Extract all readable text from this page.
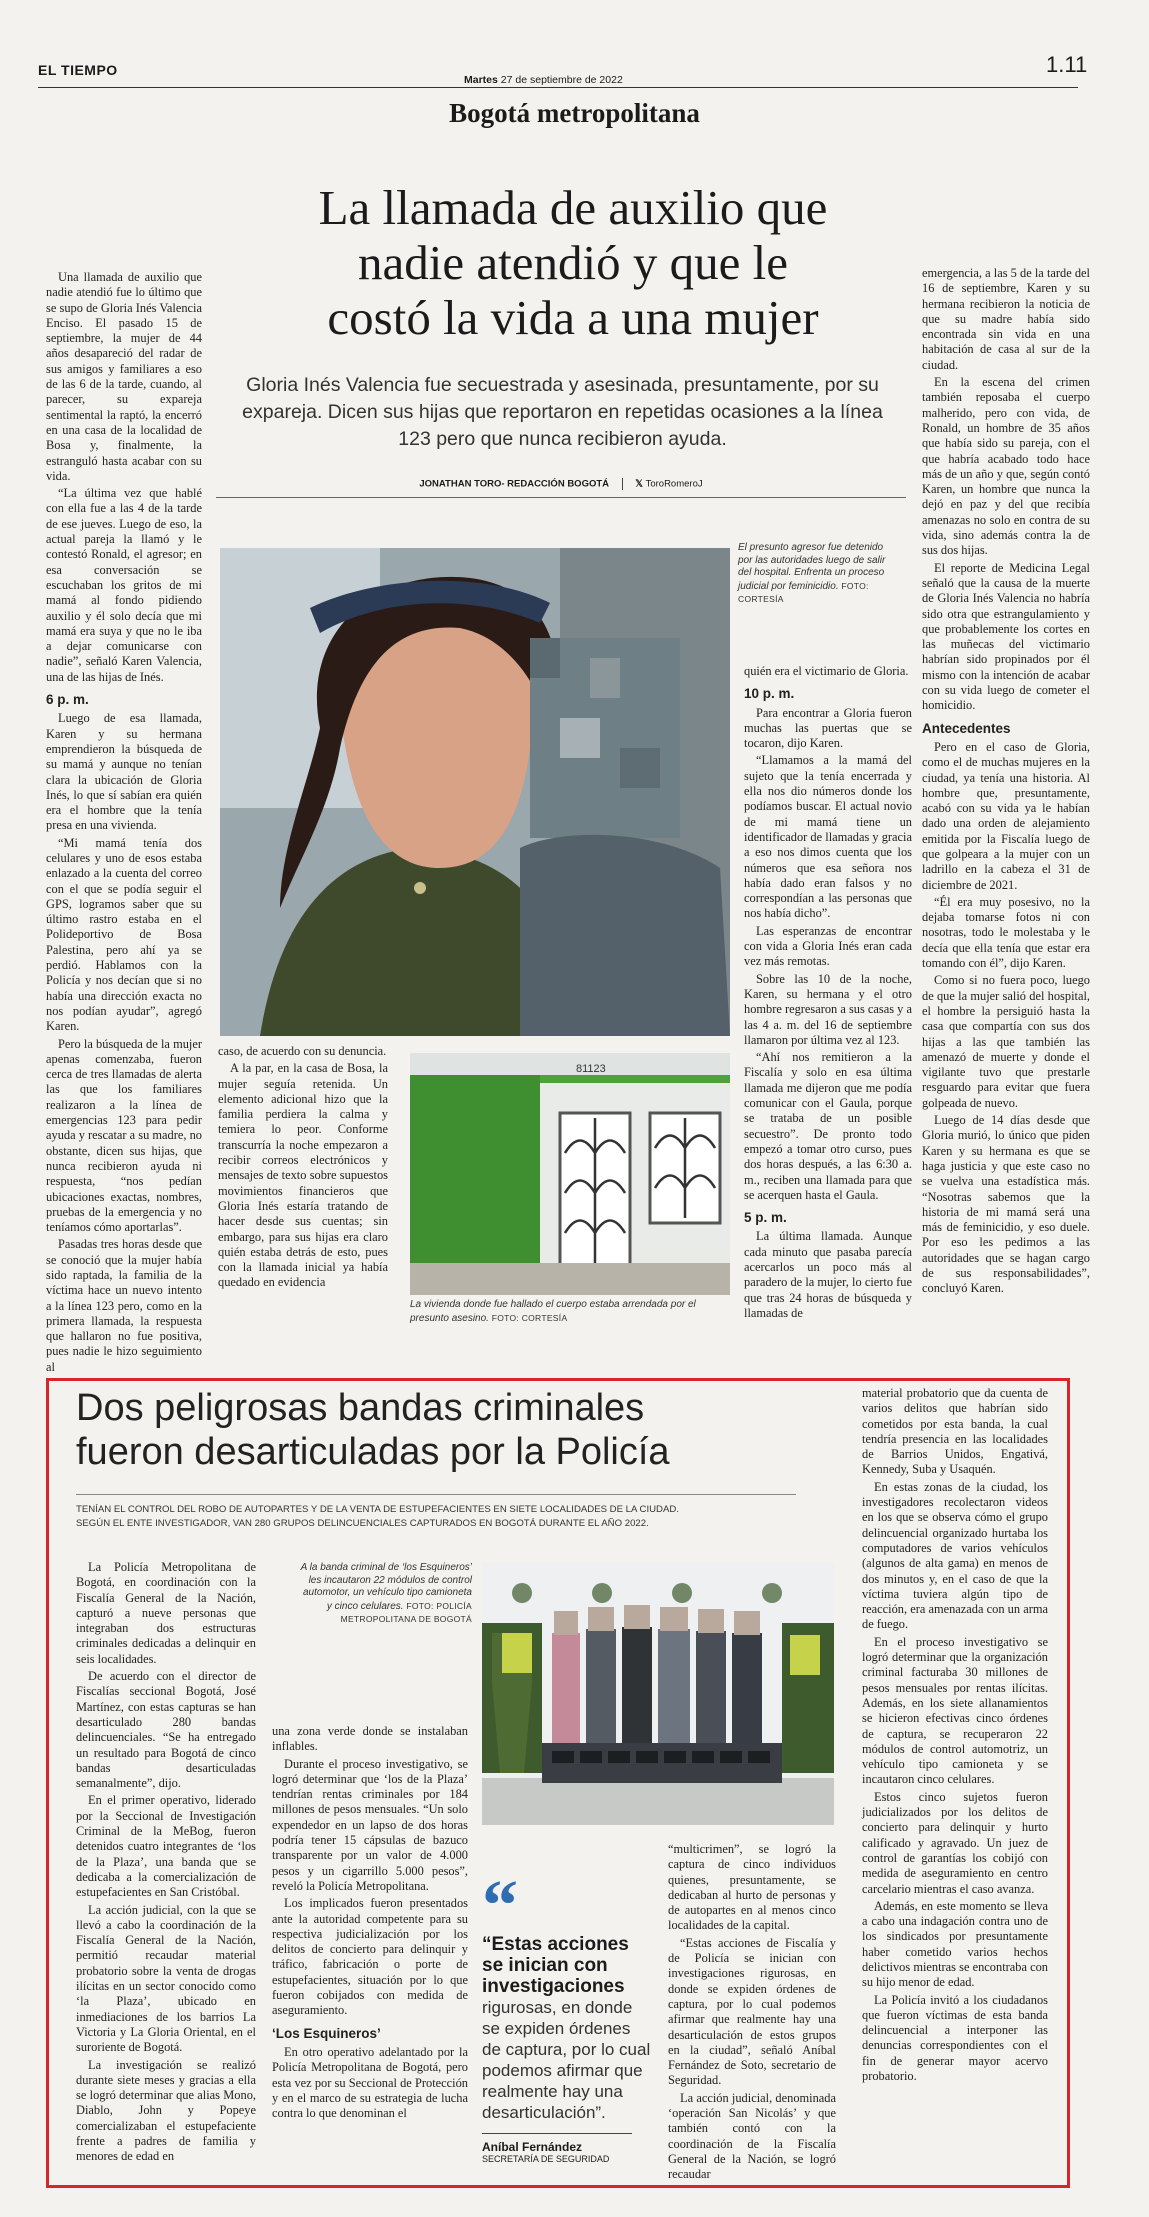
EL TIEMPO
Martes 27 de septiembre de 2022
1.11
Bogotá metropolitana
La llamada de auxilio que
nadie atendió y que le
costó la vida a una mujer
Gloria Inés Valencia fue secuestrada y asesinada, presuntamente, por su expareja. Dicen sus hijas que reportaron en repetidas ocasiones a la línea 123 pero que nunca recibieron ayuda.
JONATHAN TORO- REDACCIÓN BOGOTÁ	𝕏 ToroRomeroJ

Una llamada de auxilio que nadie atendió fue lo último que se supo de Gloria Inés Valencia Enciso. El pasado 15 de septiembre, la mujer de 44 años desapareció del radar de sus amigos y familiares a eso de las 6 de la tarde, cuando, al parecer, su expareja sentimental la raptó, la encerró en una casa de la localidad de Bosa y, finalmente, la estranguló hasta acabar con su vida.

“La última vez que hablé con ella fue a las 4 de la tarde de ese jueves. Luego de eso, la actual pareja la llamó y le contestó Ronald, el agresor; en esa conversación se escuchaban los gritos de mi mamá al fondo pidiendo auxilio y él solo decía que mi mamá era suya y que no le iba a dejar comunicarse con nadie”, señaló Karen Valencia, una de las hijas de Inés.

6 p. m.

Luego de esa llamada, Karen y su hermana emprendieron la búsqueda de su mamá y aunque no tenían clara la ubicación de Gloria Inés, lo que sí sabían era quién era el hombre que la tenía presa en una vivienda.

“Mi mamá tenía dos celulares y uno de esos estaba enlazado a la cuenta del correo con el que se podía seguir el GPS, logramos saber que su último rastro estaba en el Polideportivo de Bosa Palestina, pero ahí ya se perdió. Hablamos con la Policía y nos decían que si no había una dirección exacta no nos podían ayudar”, agregó Karen.

Pero la búsqueda de la mujer apenas comenzaba, fueron cerca de tres llamadas de alerta las que los familiares realizaron a la línea de emergencias 123 para pedir ayuda y rescatar a su madre, no obstante, dicen sus hijas, que nunca recibieron ayuda ni respuesta, “nos pedían ubicaciones exactas, nombres, pruebas de la emergencia y no teníamos cómo aportarlas”.

Pasadas tres horas desde que se conoció que la mujer había sido raptada, la familia de la víctima hace un nuevo intento a la línea 123 pero, como en la primera llamada, la respuesta que hallaron no fue positiva, pues nadie le hizo seguimiento al

El presunto agresor fue detenido por las autoridades luego de salir del hospital. Enfrenta un proceso judicial por feminicidio. FOTO: CORTESÍA

caso, de acuerdo con su denuncia.

A la par, en la casa de Bosa, la mujer seguía retenida. Un elemento adicional hizo que la familia perdiera la calma y temiera lo peor. Conforme transcurría la noche empezaron a recibir correos electrónicos y mensajes de texto sobre supuestos movimientos financieros que Gloria Inés estaría tratando de hacer desde sus cuentas; sin embargo, para sus hijas era claro quién estaba detrás de esto, pues con la llamada inicial ya había quedado en evidencia

81123
La vivienda donde fue hallado el cuerpo estaba arrendada por el presunto asesino. FOTO: CORTESÍA

quién era el victimario de Gloria.

10 p. m.

Para encontrar a Gloria fueron muchas las puertas que se tocaron, dijo Karen.

“Llamamos a la mamá del sujeto que la tenía encerrada y ella nos dio números donde los podíamos buscar. El actual novio de mi mamá tiene un identificador de llamadas y gracia a eso nos dimos cuenta que los números que esa señora nos había dado eran falsos y no correspondían a las personas que nos había dicho”.

Las esperanzas de encontrar con vida a Gloria Inés eran cada vez más remotas.

Sobre las 10 de la noche, Karen, su hermana y el otro hombre regresaron a sus casas y a las 4 a. m. del 16 de septiembre llamaron por última vez al 123.

“Ahí nos remitieron a la Fiscalía y solo en esa última llamada me dijeron que me podía comunicar con el Gaula, porque se trataba de un posible secuestro”. De pronto todo empezó a tomar otro curso, pues dos horas después, a las 6:30 a. m., reciben una llamada para que se acerquen hasta el Gaula.

5 p. m.

La última llamada. Aunque cada minuto que pasaba parecía acercarlos un poco más al paradero de la mujer, lo cierto fue que tras 24 horas de búsqueda y llamadas de

emergencia, a las 5 de la tarde del 16 de septiembre, Karen y su hermana recibieron la noticia de que su madre había sido encontrada sin vida en una habitación de casa al sur de la ciudad.

En la escena del crimen también reposaba el cuerpo malherido, pero con vida, de Ronald, un hombre de 35 años que había sido su pareja, con el que habría acabado todo hace más de un año y que, según contó Karen, un hombre que nunca la dejó en paz y del que recibía amenazas no solo en contra de su vida, sino además contra la de sus dos hijas.

El reporte de Medicina Legal señaló que la causa de la muerte de Gloria Inés Valencia no habría sido otra que estrangulamiento y que probablemente los cortes en las muñecas del victimario habrían sido propinados por él mismo con la intención de acabar con su vida luego de cometer el homicidio.

Antecedentes

Pero en el caso de Gloria, como el de muchas mujeres en la ciudad, ya tenía una historia. Al hombre que, presuntamente, acabó con su vida ya le habían dado una orden de alejamiento emitida por la Fiscalía luego de que golpeara a la mujer con un ladrillo en la cabeza el 31 de diciembre de 2021.

“Él era muy posesivo, no la dejaba tomarse fotos ni con nosotras, todo le molestaba y le decía que ella tenía que estar era tomando con él”, dijo Karen.

Como si no fuera poco, luego de que la mujer salió del hospital, el hombre la persiguió hasta la casa que compartía con sus dos hijas a las que también las amenazó de muerte y donde el vigilante tuvo que prestarle resguardo para evitar que fuera golpeada de nuevo.

Luego de 14 días desde que Gloria murió, lo único que piden Karen y su hermana es que se haga justicia y que este caso no se vuelva una estadística más. “Nosotras sabemos que la historia de mi mamá será una más de feminicidio, y eso duele. Por eso les pedimos a las autoridades que se hagan cargo de sus responsabilidades”, concluyó Karen.

Dos peligrosas bandas criminales
fueron desarticuladas por la Policía
TENÍAN EL CONTROL DEL ROBO DE AUTOPARTES Y DE LA VENTA DE ESTUPEFACIENTES EN SIETE LOCALIDADES DE LA CIUDAD.
SEGÚN EL ENTE INVESTIGADOR, VAN 280 GRUPOS DELINCUENCIALES CAPTURADOS EN BOGOTÁ DURANTE EL AÑO 2022.

La Policía Metropolitana de Bogotá, en coordinación con la Fiscalía General de la Nación, capturó a nueve personas que integraban dos estructuras criminales dedicadas a delinquir en seis localidades.

De acuerdo con el director de Fiscalías seccional Bogotá, José Martínez, con estas capturas se han desarticulado 280 bandas delincuenciales. “Se ha entregado un resultado para Bogotá de cinco bandas desarticuladas semanalmente”, dijo.

En el primer operativo, liderado por la Seccional de Investigación Criminal de la MeBog, fueron detenidos cuatro integrantes de ‘los de la Plaza’, una banda que se dedicaba a la comercialización de estupefacientes en San Cristóbal.

La acción judicial, con la que se llevó a cabo la coordinación de la Fiscalía General de la Nación, permitió recaudar material probatorio sobre la venta de drogas ilícitas en un sector conocido como ‘la Plaza’, ubicado en inmediaciones de los barrios La Victoria y La Gloria Oriental, en el suroriente de Bogotá.

La investigación se realizó durante siete meses y gracias a ella se logró determinar que alias Mono, Diablo, John y Popeye comercializaban el estupefaciente frente a padres de familia y menores de edad en

A la banda criminal de ‘los Esquineros’ les incautaron 22 módulos de control automotor, un vehículo tipo camioneta y cinco celulares. FOTO: POLICÍA METROPOLITANA DE BOGOTÁ

una zona verde donde se instalaban inflables.

Durante el proceso investigativo, se logró determinar que ‘los de la Plaza’ tendrían rentas criminales por 184 millones de pesos mensuales. “Un solo expendedor en un lapso de dos horas podría tener 15 cápsulas de bazuco transparente por un valor de 4.000 pesos y un cigarrillo 5.000 pesos”, reveló la Policía Metropolitana.

Los implicados fueron presentados ante la autoridad competente para su respectiva judicialización por los delitos de concierto para delinquir y tráfico, fabricación o porte de estupefacientes, situación por lo que fueron cobijados con medida de aseguramiento.

‘Los Esquineros’

En otro operativo adelantado por la Policía Metropolitana de Bogotá, pero esta vez por su Seccional de Protección y en el marco de su estrategia de lucha contra lo que denominan el

“
“Estas acciones se inician con investigaciones
rigurosas, en donde se expiden órdenes de captura, por lo cual podemos afirmar que realmente hay una desarticulación”.
Aníbal Fernández
SECRETARÍA DE SEGURIDAD

“multicrimen”, se logró la captura de cinco individuos quienes, presuntamente, se dedicaban al hurto de personas y de autopartes en al menos cinco localidades de la capital.

“Estas acciones de Fiscalía y de Policía se inician con investigaciones rigurosas, en donde se expiden órdenes de captura, por lo cual podemos afirmar que realmente hay una desarticulación de estos grupos en la ciudad”, señaló Aníbal Fernández de Soto, secretario de Seguridad.

La acción judicial, denominada ‘operación San Nicolás’ y que también contó con la coordinación de la Fiscalía General de la Nación, se logró recaudar

material probatorio que da cuenta de varios delitos que habrían sido cometidos por esta banda, la cual tendría presencia en las localidades de Barrios Unidos, Engativá, Kennedy, Suba y Usaquén.

En estas zonas de la ciudad, los investigadores recolectaron videos en los que se observa cómo el grupo delincuencial organizado hurtaba los computadores de varios vehículos (algunos de alta gama) en menos de dos minutos y, en el caso de que la víctima tuviera algún tipo de reacción, era amenazada con un arma de fuego.

En el proceso investigativo se logró determinar que la organización criminal facturaba 30 millones de pesos mensuales por rentas ilícitas. Además, en los siete allanamientos se hicieron efectivas cinco órdenes de captura, se recuperaron 22 módulos de control automotriz, un vehículo tipo camioneta y se incautaron cinco celulares.

Estos cinco sujetos fueron judicializados por los delitos de concierto para delinquir y hurto calificado y agravado. Un juez de control de garantías los cobijó con medida de aseguramiento en centro carcelario mientras el caso avanza.

Además, en este momento se lleva a cabo una indagación contra uno de los sindicados por presuntamente haber cometido varios hechos delictivos mientras se encontraba con su hijo menor de edad.

La Policía invitó a los ciudadanos que fueron víctimas de esta banda delincuencial a interponer las denuncias correspondientes con el fin de generar mayor acervo probatorio.
